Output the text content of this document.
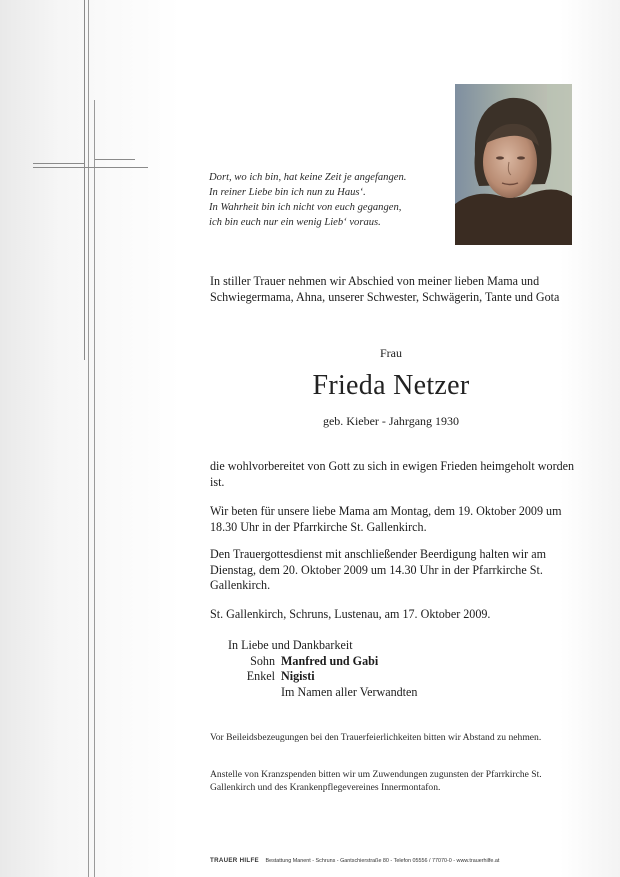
Dort, wo ich bin, hat keine Zeit je angefangen.
In reiner Liebe bin ich nun zu Haus‘.
In Wahrheit bin ich nicht von euch gegangen,
ich bin euch nur ein wenig Lieb‘ voraus.
In stiller Trauer nehmen wir Abschied von meiner lieben Mama und Schwiegermama, Ahna, unserer Schwester, Schwägerin, Tante und Gota
Frau
Frieda Netzer
geb. Kieber - Jahrgang 1930
die wohlvorbereitet von Gott zu sich in ewigen Frieden heimgeholt worden ist.
Wir beten für unsere liebe Mama am Montag, dem 19. Oktober 2009 um 18.30 Uhr in der Pfarrkirche St. Gallenkirch.
Den Trauergottesdienst mit anschließender Beerdigung halten wir am Dienstag, dem 20. Oktober 2009 um 14.30 Uhr in der Pfarrkirche St. Gallenkirch.
St. Gallenkirch, Schruns, Lustenau, am 17. Oktober 2009.
In Liebe und Dankbarkeit
Sohn Manfred und Gabi
Enkel Nigisti
Im Namen aller Verwandten
Vor Beileidsbezeugungen bei den Trauerfeierlichkeiten bitten wir Abstand zu nehmen.
Anstelle von Kranzspenden bitten wir um Zuwendungen zugunsten der Pfarrkirche St. Gallenkirch und des Krankenpflegevereines Innermontafon.
TRAUER HILFE Bestattung Manent - Schruns - Gantschierstraße 80 - Telefon 05556 / 77070-0 - www.trauerhilfe.at
